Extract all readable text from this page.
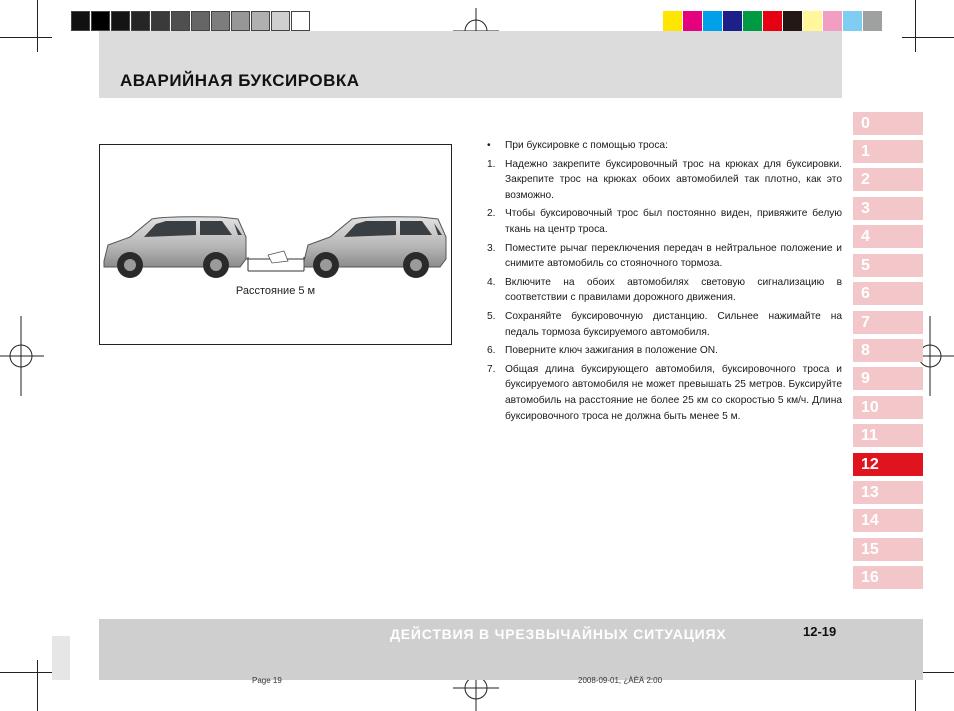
АВАРИЙНАЯ БУКСИРОВКА
Расстояние 5 м
•	При буксировке с помощью троса:
1. Надежно закрепите буксировочный трос на крюках для буксировки. Закрепите трос на крюках обоих автомобилей так плотно, как это возможно.
2. Чтобы буксировочный трос был постоянно виден, привяжите белую ткань на центр троса.
3. Поместите рычаг переключения передач в нейтральное положение и снимите автомобиль со стояночного тормоза.
4. Включите на обоих автомобилях световую сигнализацию в соответствии с правилами дорожного движения.
5. Сохраняйте буксировочную дистанцию. Сильнее нажимайте на педаль тормоза буксируемого автомобиля.
6. Поверните ключ зажигания в положение ON.
7. Общая длина буксирующего автомобиля, буксировочного троса и буксируемого автомобиля не может превышать 25 метров. Буксируйте автомобиль на расстояние не более 25 км со скоростью 5 км/ч. Длина буксировочного троса не должна быть менее 5 м.
0
1
2
3
4
5
6
7
8
9
10
11
12
13
14
15
16
ДЕЙСТВИЯ В ЧРЕЗВЫЧАЙНЫХ СИТУАЦИЯХ	12-19
Page 19	2008-09-01, ¿ÀÈÄ 2:00
